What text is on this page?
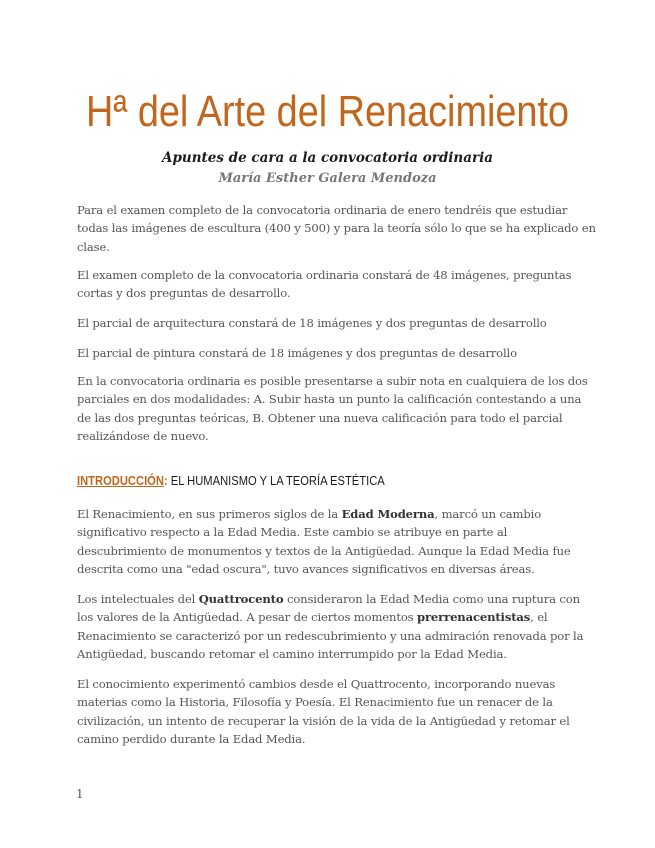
Hª del Arte del Renacimiento
Apuntes de cara a la convocatoria ordinaria
María Esther Galera Mendoza

Para el examen completo de la convocatoria ordinaria de enero tendréis que estudiar
todas las imágenes de escultura (400 y 500) y para la teoría sólo lo que se ha explicado en
clase.

El examen completo de la convocatoria ordinaria constará de 48 imágenes, preguntas
cortas y dos preguntas de desarrollo.

El parcial de arquitectura constará de 18 imágenes y dos preguntas de desarrollo

El parcial de pintura constará de 18 imágenes y dos preguntas de desarrollo

En la convocatoria ordinaria es posible presentarse a subir nota en cualquiera de los dos
parciales en dos modalidades: A. Subir hasta un punto la calificación contestando a una
de las dos preguntas teóricas, B. Obtener una nueva calificación para todo el parcial
realizándose de nuevo.

INTRODUCCIÓN: EL HUMANISMO Y LA TEORÍA ESTÉTICA

El Renacimiento, en sus primeros siglos de la Edad Moderna, marcó un cambio
significativo respecto a la Edad Media. Este cambio se atribuye en parte al
descubrimiento de monumentos y textos de la Antigüedad. Aunque la Edad Media fue
descrita como una "edad oscura", tuvo avances significativos en diversas áreas.

Los intelectuales del Quattrocento consideraron la Edad Media como una ruptura con
los valores de la Antigüedad. A pesar de ciertos momentos prerrenacentistas, el
Renacimiento se caracterizó por un redescubrimiento y una admiración renovada por la
Antigüedad, buscando retomar el camino interrumpido por la Edad Media.

El conocimiento experimentó cambios desde el Quattrocento, incorporando nuevas
materias como la Historia, Filosofía y Poesía. El Renacimiento fue un renacer de la
civilización, un intento de recuperar la visión de la vida de la Antigüedad y retomar el
camino perdido durante la Edad Media.

1
